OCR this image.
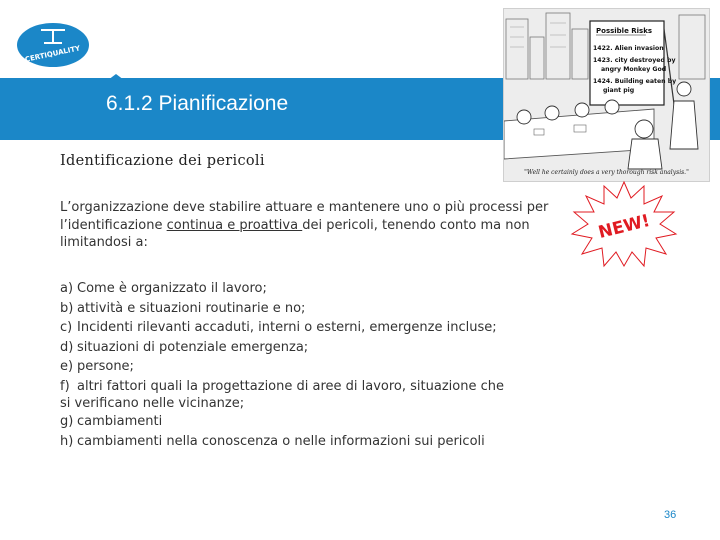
CERTIQUALITY
6.1.2 Pianificazione
Possible Risks
1422. Alien invasion
1423. city destroyed by
angry Monkey God
1424. Building eaten by
giant pig
"Well he certainly does a very thorough risk analysis."
Identificazione dei pericoli
L’organizzazione deve stabilire attuare e mantenere uno o più processi per l’identificazione continua e proattiva dei pericoli, tenendo conto ma non limitandosi a:	NEW!
a) Come è organizzato il lavoro;
b) attività e situazioni routinarie e no;
c) Incidenti rilevanti accaduti, interni o esterni, emergenze incluse;
d) situazioni di potenziale emergenza;
e) persone;
f) altri fattori quali la progettazione di aree di lavoro, situazione che
si verificano nelle vicinanze;
g) cambiamenti
h) cambiamenti nella conoscenza o nelle informazioni sui pericoli
36
